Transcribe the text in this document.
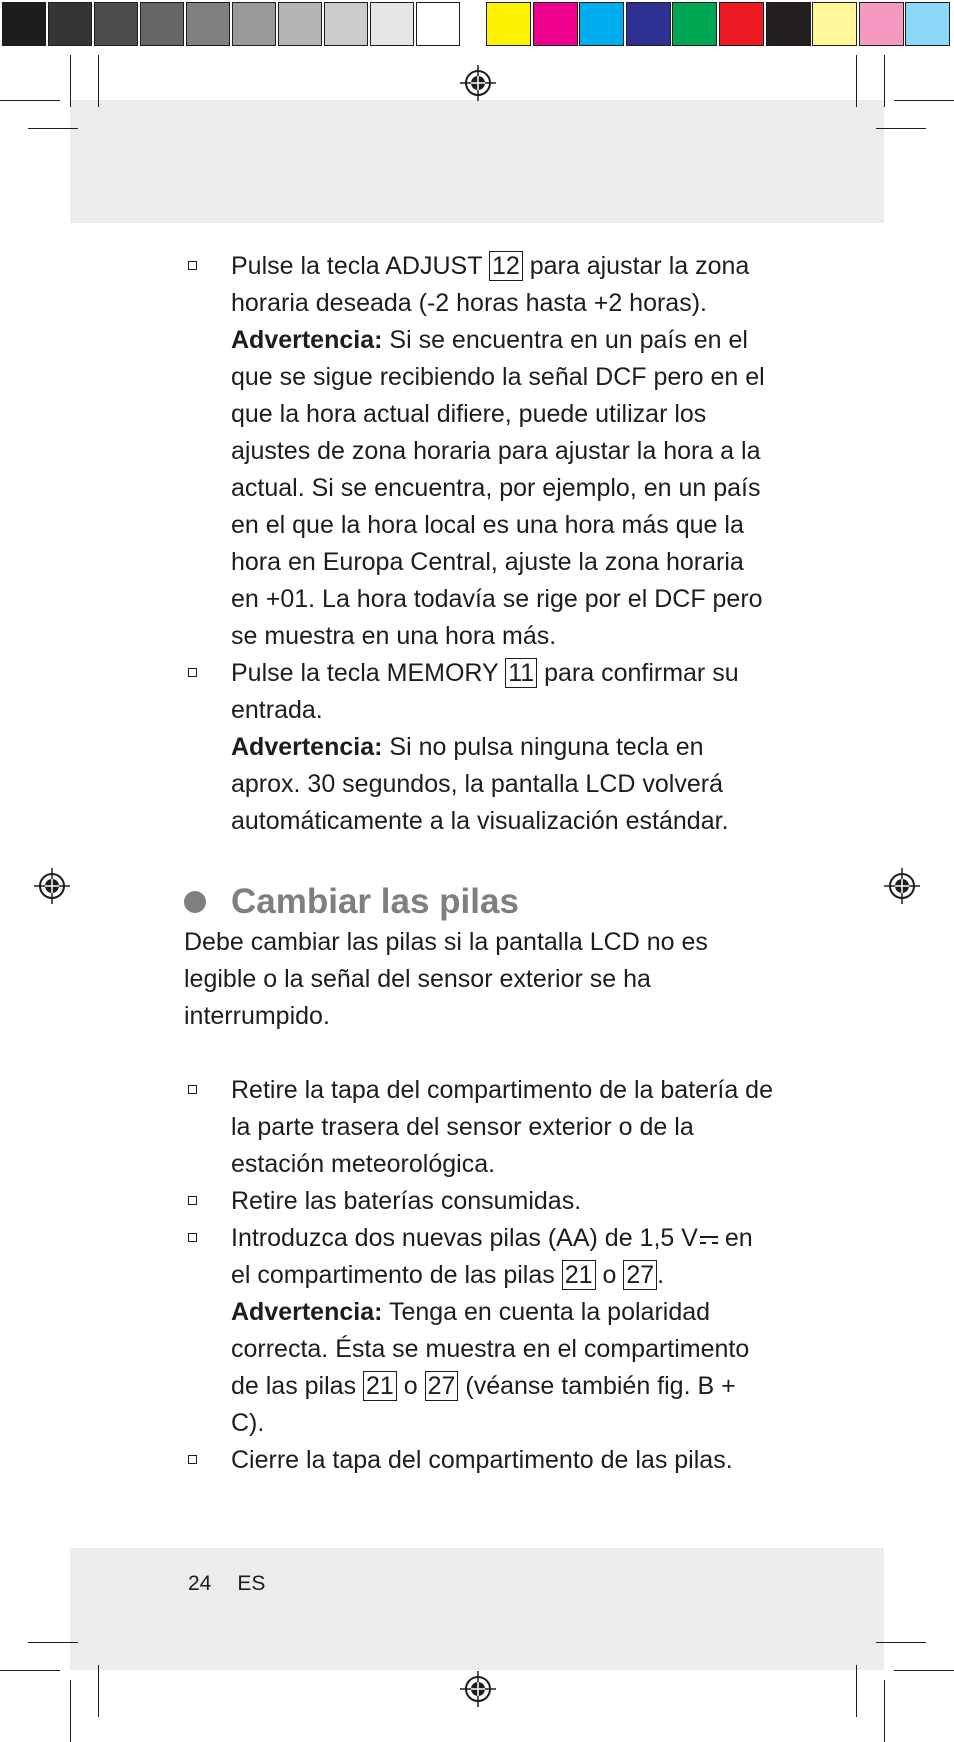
Pulse la tecla ADJUST 12 para ajustar la zona horaria deseada (-2 horas hasta +2 horas).
Advertencia: Si se encuentra en un país en el que se sigue recibiendo la señal DCF pero en el que la hora actual difiere, puede utilizar los ajustes de zona horaria para ajustar la hora a la actual. Si se encuentra, por ejemplo, en un país en el que la hora local es una hora más que la hora en Europa Central, ajuste la zona horaria en +01. La hora todavía se rige por el DCF pero se muestra en una hora más.
Pulse la tecla MEMORY 11 para confirmar su entrada.
Advertencia: Si no pulsa ninguna tecla en aprox. 30 segundos, la pantalla LCD volverá automáticamente a la visualización estándar.
Cambiar las pilas
Debe cambiar las pilas si la pantalla LCD no es legible o la señal del sensor exterior se ha interrumpido.
Retire la tapa del compartimento de la batería de la parte trasera del sensor exterior o de la estación meteorológica.
Retire las baterías consumidas.
Introduzca dos nuevas pilas (AA) de 1,5 V en el compartimento de las pilas 21 o 27 .
Advertencia: Tenga en cuenta la polaridad correcta. Ésta se muestra en el compartimento de las pilas 21 o 27 (véanse también fig. B + C).
Cierre la tapa del compartimento de las pilas.
24 ES
